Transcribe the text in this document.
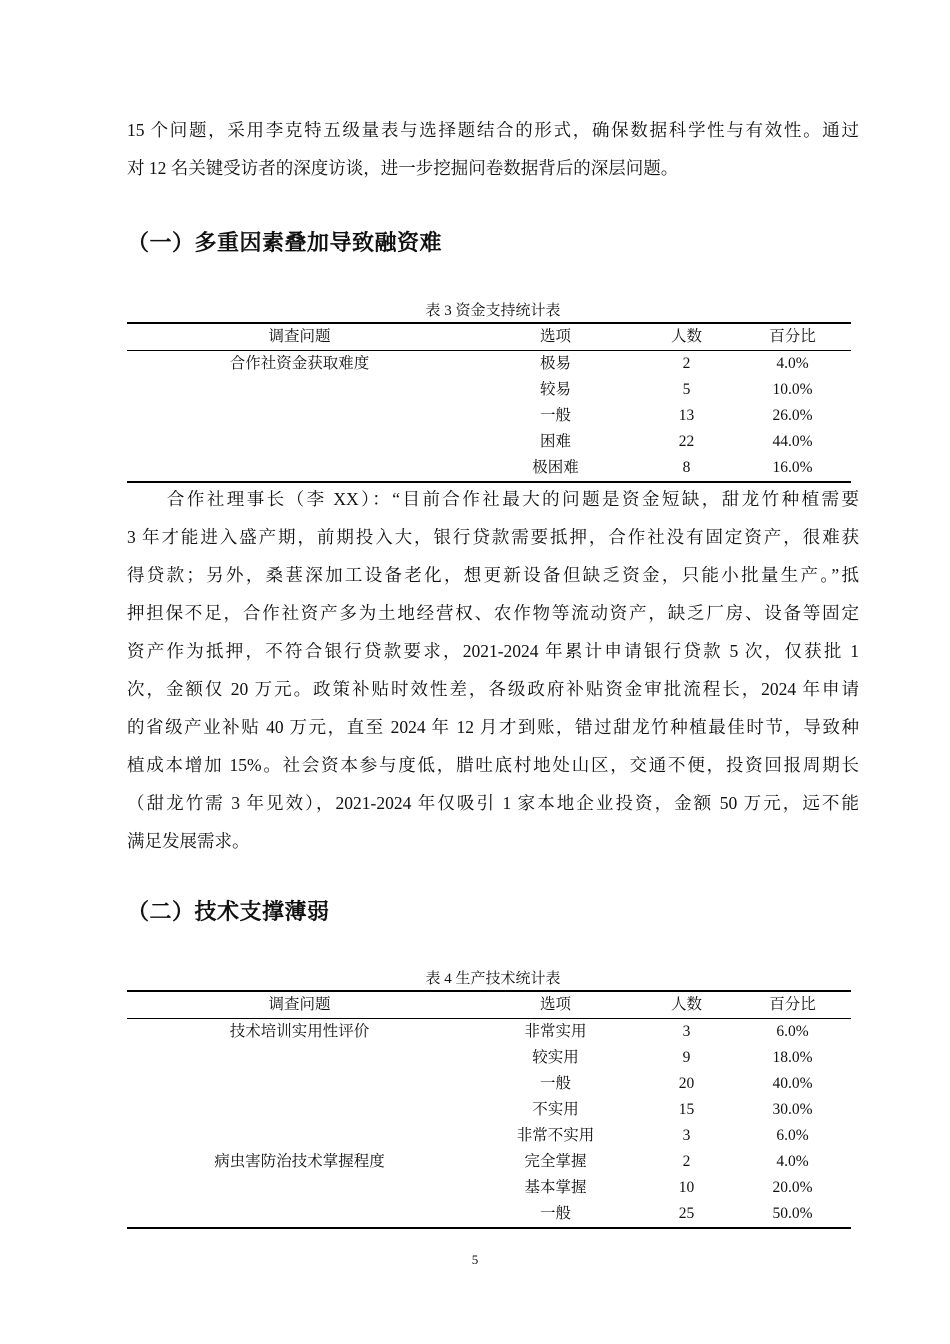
15 个问题，采用李克特五级量表与选择题结合的形式，确保数据科学性与有效性。通过
对 12 名关键受访者的深度访谈，进一步挖掘问卷数据背后的深层问题。
（一）多重因素叠加导致融资难
表 3 资金支持统计表
调查问题	选项	人数	百分比
合作社资金获取难度	极易	2	4.0%
	较易	5	10.0%
	一般	13	26.0%
	困难	22	44.0%
	极困难	8	16.0%
　　合作社理事长（李 XX）：“目前合作社最大的问题是资金短缺，甜龙竹种植需要
3 年才能进入盛产期，前期投入大，银行贷款需要抵押，合作社没有固定资产，很难获
得贷款；另外，桑葚深加工设备老化，想更新设备但缺乏资金，只能小批量生产。”抵
押担保不足，合作社资产多为土地经营权、农作物等流动资产，缺乏厂房、设备等固定
资产作为抵押，不符合银行贷款要求，2021-2024 年累计申请银行贷款 5 次，仅获批 1
次，金额仅 20 万元。政策补贴时效性差，各级政府补贴资金审批流程长，2024 年申请
的省级产业补贴 40 万元，直至 2024 年 12 月才到账，错过甜龙竹种植最佳时节，导致种
植成本增加 15%。社会资本参与度低，腊吐底村地处山区，交通不便，投资回报周期长
（甜龙竹需 3 年见效），2021-2024 年仅吸引 1 家本地企业投资，金额 50 万元，远不能
满足发展需求。
（二）技术支撑薄弱
表 4 生产技术统计表
调查问题	选项	人数	百分比
技术培训实用性评价	非常实用	3	6.0%
	较实用	9	18.0%
	一般	20	40.0%
	不实用	15	30.0%
	非常不实用	3	6.0%
病虫害防治技术掌握程度	完全掌握	2	4.0%
	基本掌握	10	20.0%
	一般	25	50.0%
5
